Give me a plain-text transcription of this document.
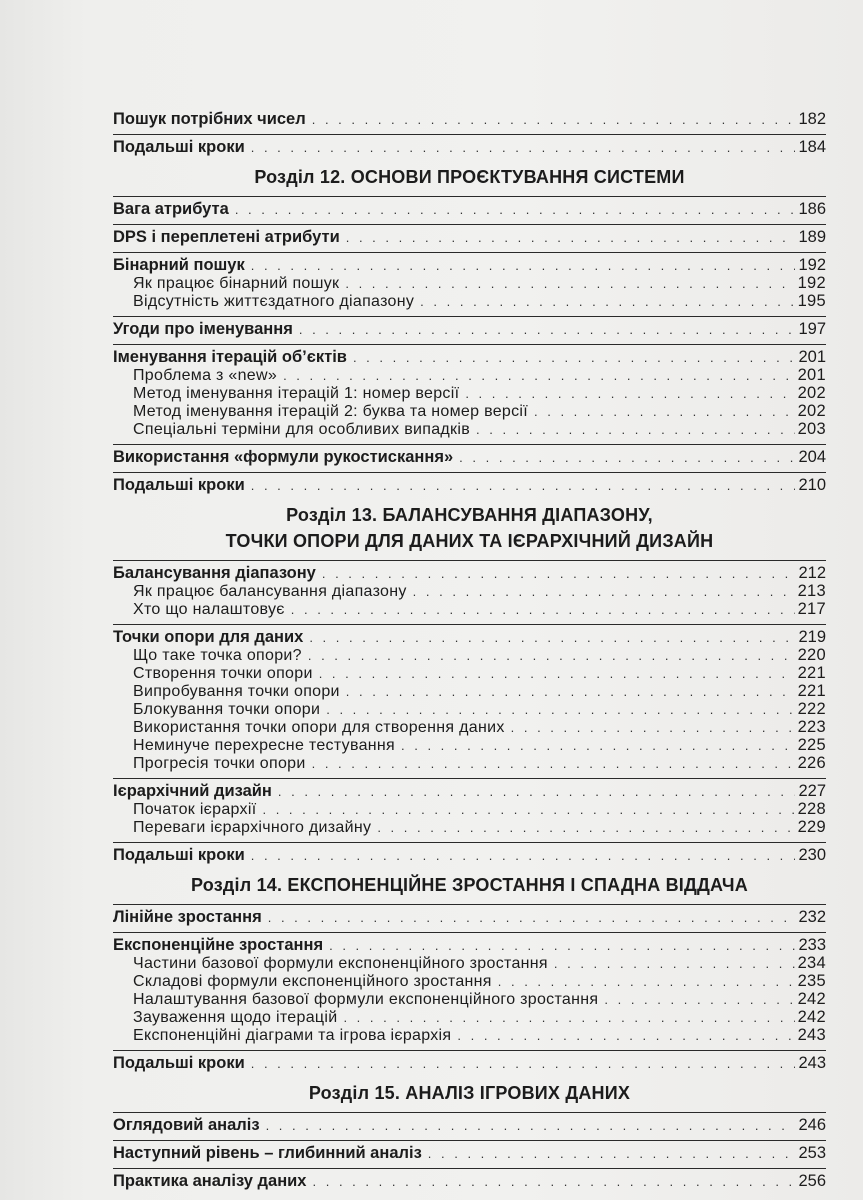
Пошук потрібних чисел . . .	182
Подальші кроки . . .	184
Розділ 12. ОСНОВИ ПРОЄКТУВАННЯ СИСТЕМИ
Вага атрибута . . .	186
DPS і переплетені атрибути . . .	189
Бінарний пошук . . .	192
Як працює бінарний пошук . . .	192
Відсутність життєздатного діапазону . . .	195
Угоди про іменування . . .	197
Іменування ітерацій об’єктів . . .	201
Проблема з «new» . . .	201
Метод іменування ітерацій 1: номер версії . . .	202
Метод іменування ітерацій 2: буква та номер версії . . .	202
Спеціальні терміни для особливих випадків . . .	203
Використання «формули рукостискання» . . .	204
Подальші кроки . . .	210
Розділ 13. БАЛАНСУВАННЯ ДІАПАЗОНУ,
ТОЧКИ ОПОРИ ДЛЯ ДАНИХ ТА ІЄРАРХІЧНИЙ ДИЗАЙН
Балансування діапазону . . .	212
Як працює балансування діапазону . . .	213
Хто що налаштовує . . .	217
Точки опори для даних . . .	219
Що таке точка опори? . . .	220
Створення точки опори . . .	221
Випробування точки опори . . .	221
Блокування точки опори . . .	222
Використання точки опори для створення даних . . .	223
Неминуче перехресне тестування . . .	225
Прогресія точки опори . . .	226
Ієрархічний дизайн . . .	227
Початок ієрархії . . .	228
Переваги ієрархічного дизайну . . .	229
Подальші кроки . . .	230
Розділ 14. ЕКСПОНЕНЦІЙНЕ ЗРОСТАННЯ І СПАДНА ВІДДАЧА
Лінійне зростання . . .	232
Експоненційне зростання . . .	233
Частини базової формули експоненційного зростання . . .	234
Складові формули експоненційного зростання . . .	235
Налаштування базової формули експоненційного зростання . . .	242
Зауваження щодо ітерацій . . .	242
Експоненційні діаграми та ігрова ієрархія . . .	243
Подальші кроки . . .	243
Розділ 15. АНАЛІЗ ІГРОВИХ ДАНИХ
Оглядовий аналіз . . .	246
Наступний рівень – глибинний аналіз . . .	253
Практика аналізу даних . . .	256
